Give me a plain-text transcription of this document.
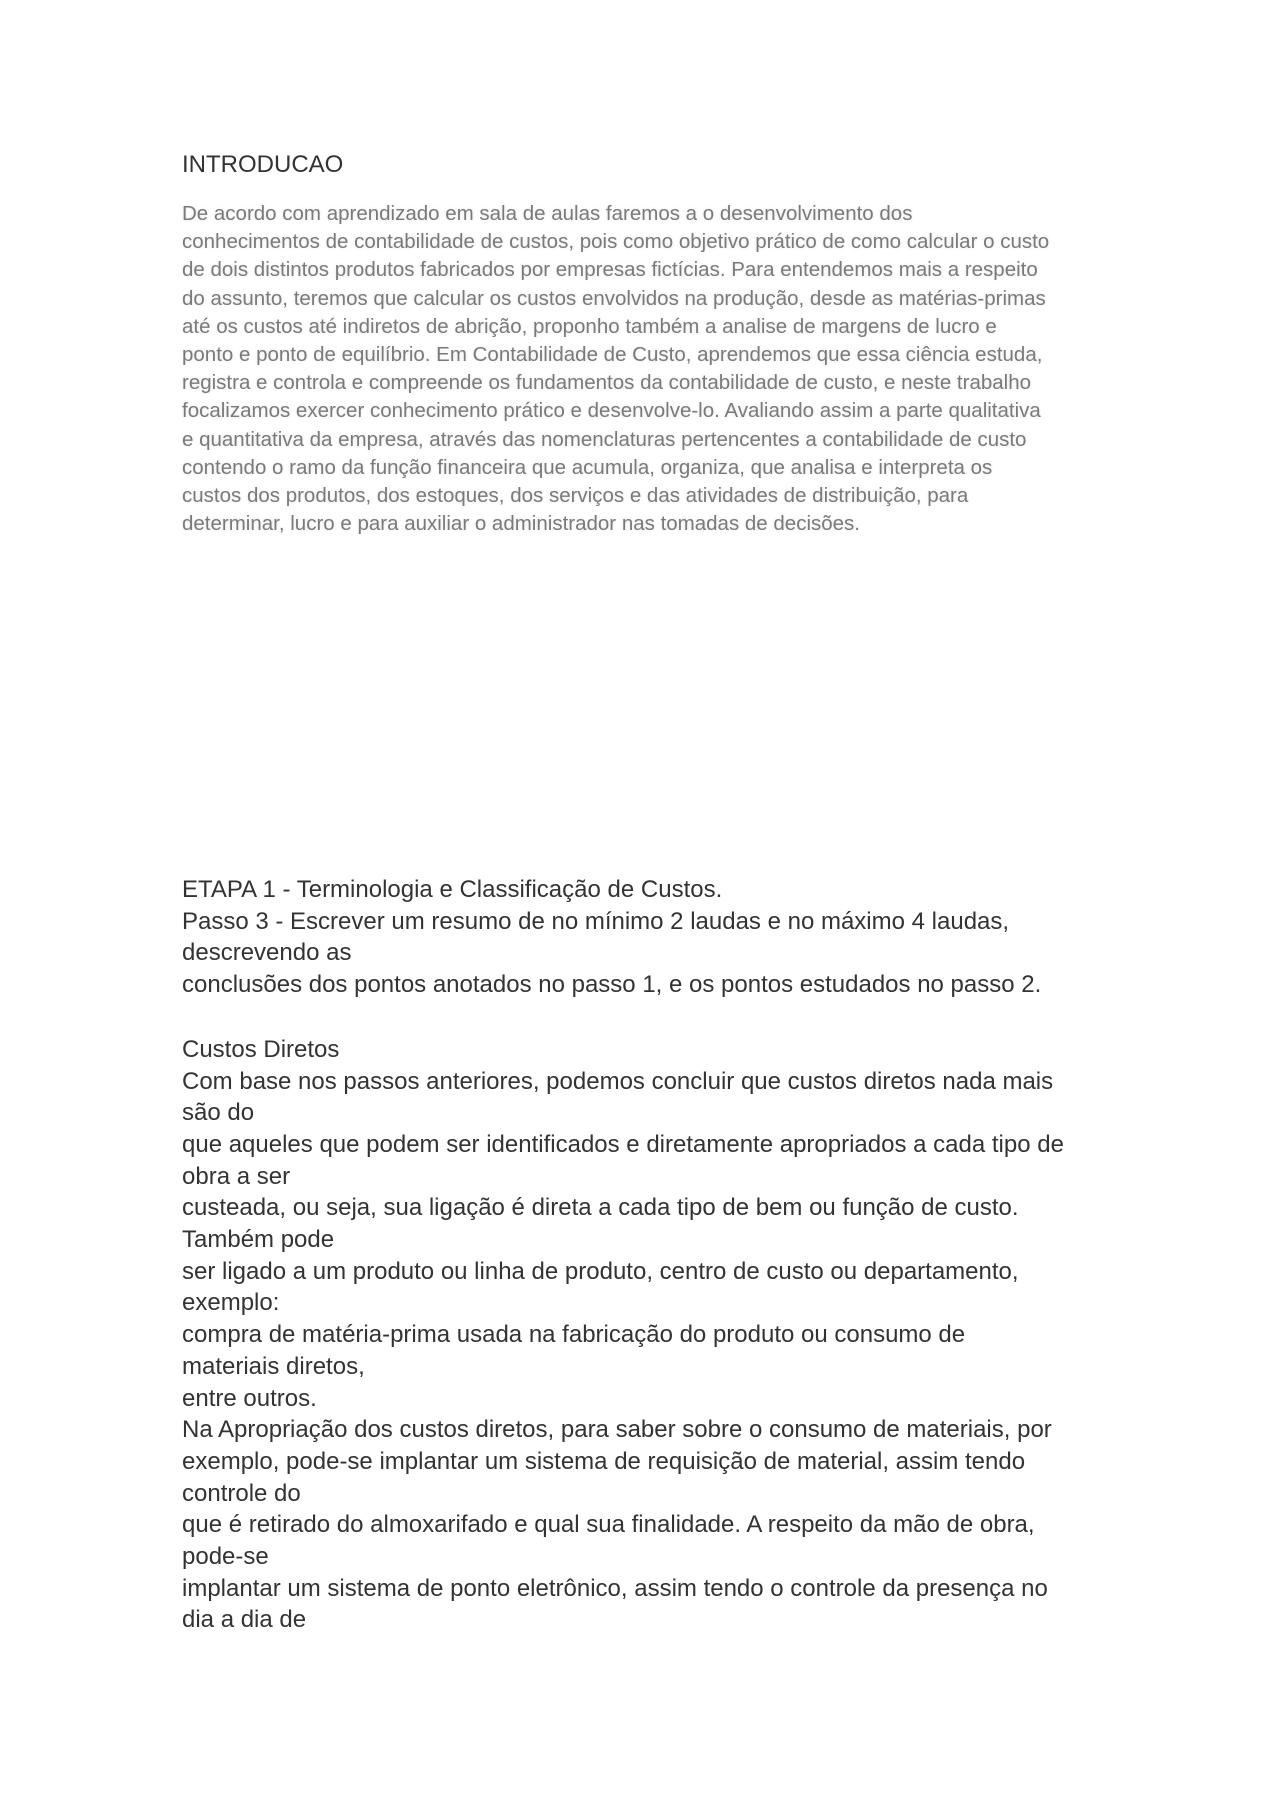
INTRODUCAO
De acordo com aprendizado em sala de aulas faremos a o desenvolvimento dos
conhecimentos de contabilidade de custos, pois como objetivo prático de como calcular o custo
de dois distintos produtos fabricados por empresas fictícias. Para entendemos mais a respeito
do assunto, teremos que calcular os custos envolvidos na produção, desde as matérias-primas
até os custos até indiretos de abrição, proponho também a analise de margens de lucro e
ponto e ponto de equilíbrio. Em Contabilidade de Custo, aprendemos que essa ciência estuda,
registra e controla e compreende os fundamentos da contabilidade de custo, e neste trabalho
focalizamos exercer conhecimento prático e desenvolve-lo. Avaliando assim a parte qualitativa
e quantitativa da empresa, através das nomenclaturas pertencentes a contabilidade de custo
contendo o ramo da função financeira que acumula, organiza, que analisa e interpreta os
custos dos produtos, dos estoques, dos serviços e das atividades de distribuição, para
determinar, lucro e para auxiliar o administrador nas tomadas de decisões.
ETAPA 1 - Terminologia e Classificação de Custos.
Passo 3 - Escrever um resumo de no mínimo 2 laudas e no máximo 4 laudas,
descrevendo as
conclusões dos pontos anotados no passo 1, e os pontos estudados no passo 2.
Custos Diretos
Com base nos passos anteriores, podemos concluir que custos diretos nada mais
são do
que aqueles que podem ser identificados e diretamente apropriados a cada tipo de
obra a ser
custeada, ou seja, sua ligação é direta a cada tipo de bem ou função de custo.
Também pode
ser ligado a um produto ou linha de produto, centro de custo ou departamento,
exemplo:
compra de matéria-prima usada na fabricação do produto ou consumo de
materiais diretos,
entre outros.
Na Apropriação dos custos diretos, para saber sobre o consumo de materiais, por
exemplo, pode-se implantar um sistema de requisição de material, assim tendo
controle do
que é retirado do almoxarifado e qual sua finalidade. A respeito da mão de obra,
pode-se
implantar um sistema de ponto eletrônico, assim tendo o controle da presença no
dia a dia de
